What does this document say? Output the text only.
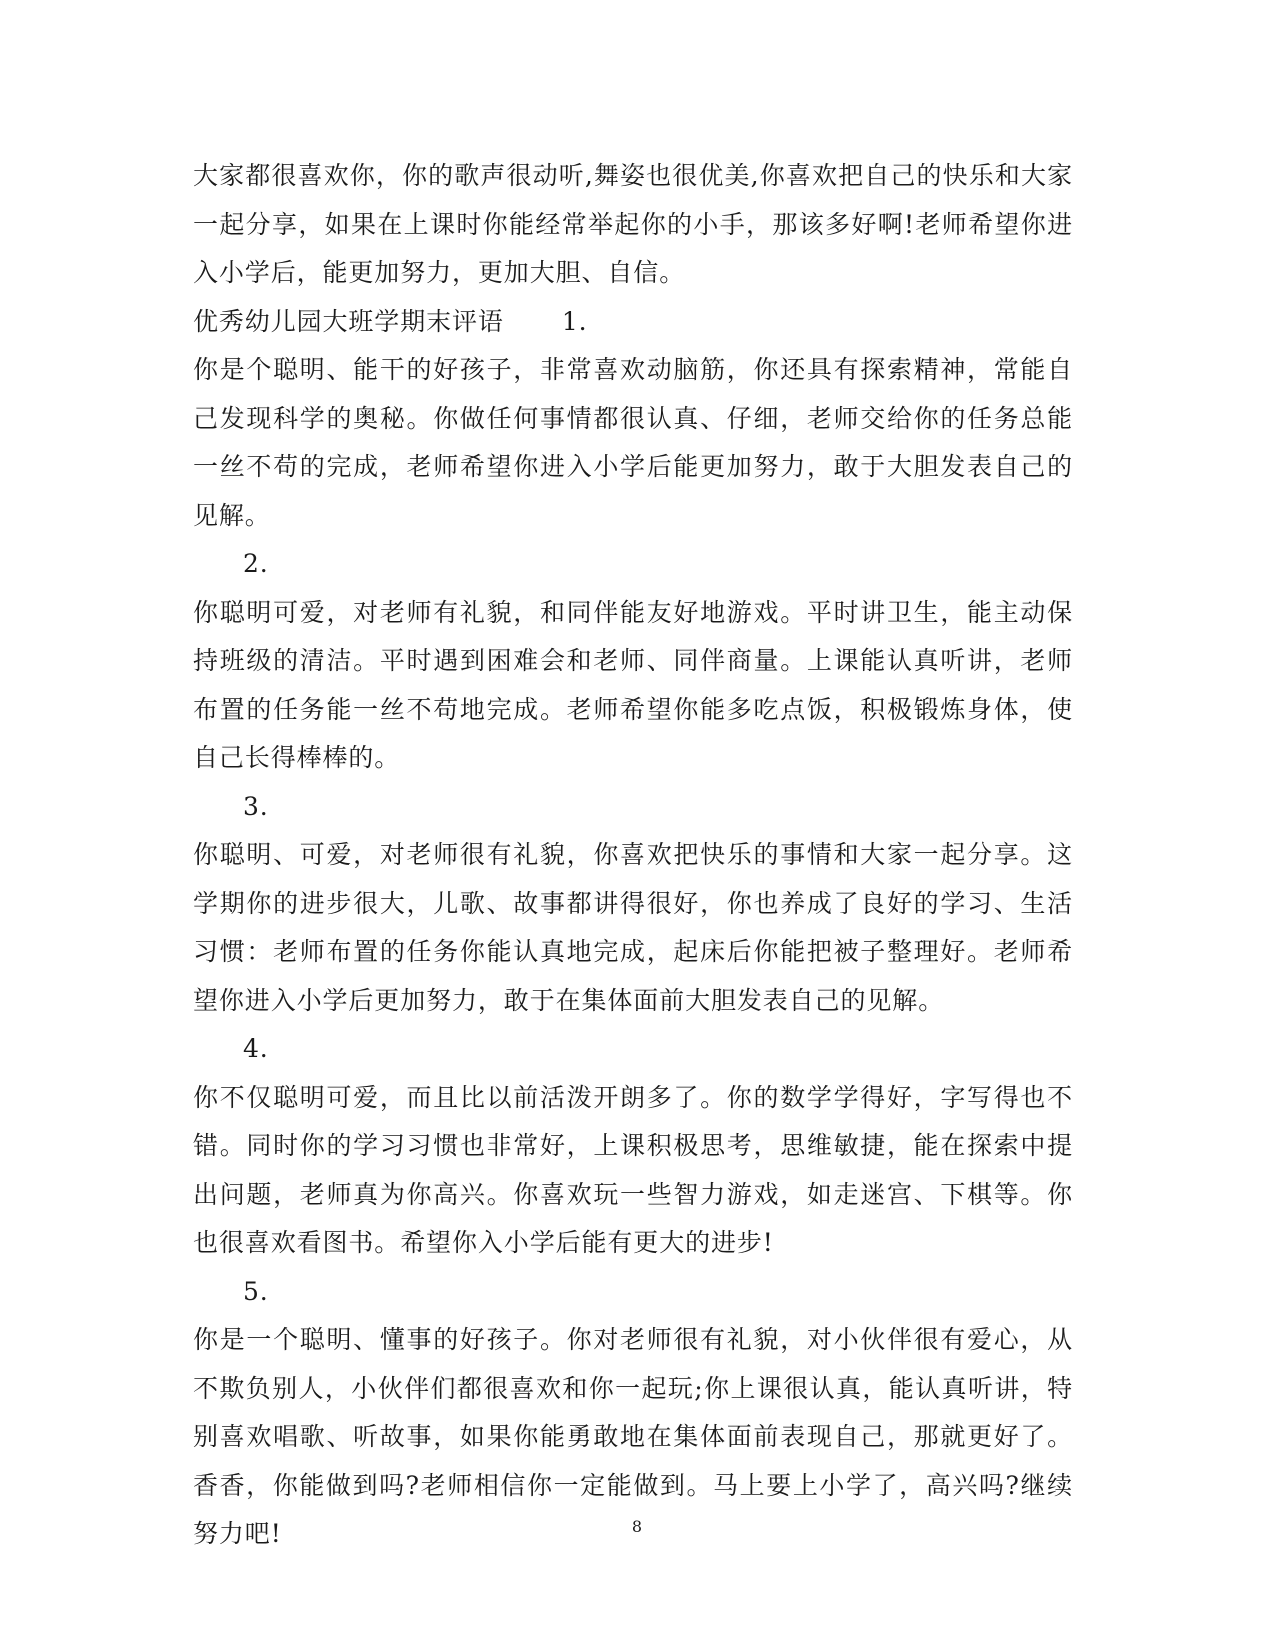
大家都很喜欢你，你的歌声很动听,舞姿也很优美,你喜欢把自己的快乐和大家一起分享，如果在上课时你能经常举起你的小手，那该多好啊!老师希望你进入小学后，能更加努力，更加大胆、自信。

优秀幼儿园大班学期末评语 1.

你是个聪明、能干的好孩子，非常喜欢动脑筋，你还具有探索精神，常能自己发现科学的奥秘。你做任何事情都很认真、仔细，老师交给你的任务总能一丝不苟的完成，老师希望你进入小学后能更加努力，敢于大胆发表自己的见解。

2.

你聪明可爱，对老师有礼貌，和同伴能友好地游戏。平时讲卫生，能主动保持班级的清洁。平时遇到困难会和老师、同伴商量。上课能认真听讲，老师布置的任务能一丝不苟地完成。老师希望你能多吃点饭，积极锻炼身体，使自己长得棒棒的。

3.

你聪明、可爱，对老师很有礼貌，你喜欢把快乐的事情和大家一起分享。这学期你的进步很大，儿歌、故事都讲得很好，你也养成了良好的学习、生活习惯：老师布置的任务你能认真地完成，起床后你能把被子整理好。老师希望你进入小学后更加努力，敢于在集体面前大胆发表自己的见解。

4.

你不仅聪明可爱，而且比以前活泼开朗多了。你的数学学得好，字写得也不错。同时你的学习习惯也非常好，上课积极思考，思维敏捷，能在探索中提出问题，老师真为你高兴。你喜欢玩一些智力游戏，如走迷宫、下棋等。你也很喜欢看图书。希望你入小学后能有更大的进步!

5.

你是一个聪明、懂事的好孩子。你对老师很有礼貌，对小伙伴很有爱心，从不欺负别人，小伙伴们都很喜欢和你一起玩;你上课很认真，能认真听讲，特别喜欢唱歌、听故事，如果你能勇敢地在集体面前表现自己，那就更好了。香香，你能做到吗?老师相信你一定能做到。马上要上小学了，高兴吗?继续努力吧!	8
